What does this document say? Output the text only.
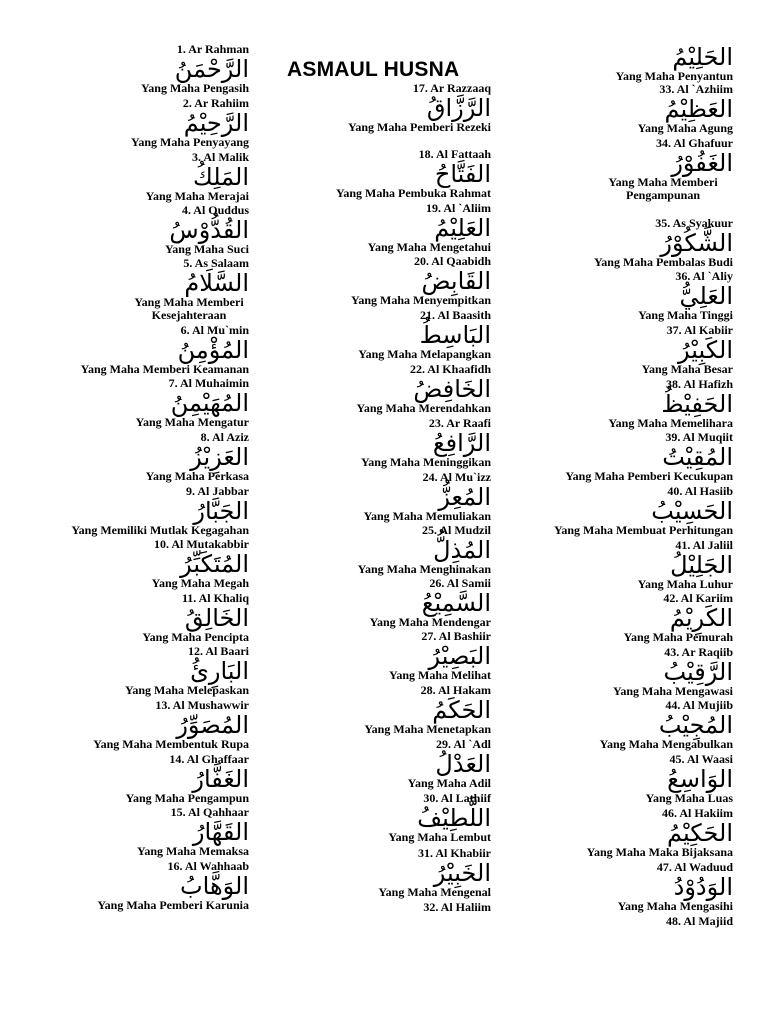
ASMAUL HUSNA
1. Ar Rahman
الرَّحْمَنُ
Yang Maha Pengasih
2. Ar Rahiim
الرَّحِيْمُ
Yang Maha Penyayang
3. Al Malik
المَلِكُ
Yang Maha Merajai
4. Al Quddus
القُدُّوْسُ
Yang Maha Suci
5. As Salaam
السَّلَامُ
Yang Maha Memberi Kesejahteraan
6. Al Mu`min
المُؤْمِنُ
Yang Maha Memberi Keamanan
7. Al Muhaimin
المُهَيْمِنُ
Yang Maha Mengatur
8. Al Aziz
العَزِيْزُ
Yang Maha Perkasa
9. Al Jabbar
الجَبَّارُ
Yang Memiliki Mutlak Kegagahan
10. Al Mutakabbir
المُتَكَبِّرُ
Yang Maha Megah
11. Al Khaliq
الخَالِقُ
Yang Maha Pencipta
12. Al Baari
البَارِئُ
Yang Maha Melepaskan
13. Al Mushawwir
المُصَوِّرُ
Yang Maha Membentuk Rupa
14. Al Ghaffaar
الغَفَّارُ
Yang Maha Pengampun
15. Al Qahhaar
القَهَّارُ
Yang Maha Memaksa
16. Al Wahhaab
الوَهَّابُ
Yang Maha Pemberi Karunia
17. Ar Razzaaq
الرَّزَّاقُ
Yang Maha Pemberi Rezeki
18. Al Fattaah
الفَتَّاحُ
Yang Maha Pembuka Rahmat
19. Al `Aliim
العَلِيْمُ
Yang Maha Mengetahui
20. Al Qaabidh
القَابِضُ
Yang Maha Menyempitkan
21. Al Baasith
البَاسِطُ
Yang Maha Melapangkan
22. Al Khaafidh
الخَافِضُ
Yang Maha Merendahkan
23. Ar Raafi
الرَّافِعُ
Yang Maha Meninggikan
24. Al Mu`izz
المُعِزُّ
Yang Maha Memuliakan
25. Al Mudzil
المُذِلُّ
Yang Maha Menghinakan
26. Al Samii
السَّمِيْعُ
Yang Maha Mendengar
27. Al Bashiir
البَصِيْرُ
Yang Maha Melihat
28. Al Hakam
الحَكَمُ
Yang Maha Menetapkan
29. Al `Adl
العَدْلُ
Yang Maha Adil
30. Al Lathiif
اللَّطِيْفُ
Yang Maha Lembut
31. Al Khabiir
الخَبِيْرُ
Yang Maha Mengenal
32. Al Haliim
الحَلِيْمُ
Yang Maha Penyantun
33. Al `Azhiim
العَظِيْمُ
Yang Maha Agung
34. Al Ghafuur
الغَفُوْرُ
Yang Maha Memberi Pengampunan
35. As Syakuur
الشَّكُوْرُ
Yang Maha Pembalas Budi
36. Al `Aliy
العَلِيُّ
Yang Maha Tinggi
37. Al Kabiir
الكَبِيْرُ
Yang Maha Besar
38. Al Hafizh
الحَفِيْظُ
Yang Maha Memelihara
39. Al Muqiit
المُقِيْتُ
Yang Maha Pemberi Kecukupan
40. Al Hasiib
الحَسِيْبُ
Yang Maha Membuat Perhitungan
41. Al Jaliil
الجَلِيْلُ
Yang Maha Luhur
42. Al Kariim
الكَرِيْمُ
Yang Maha Pemurah
43. Ar Raqiib
الرَّقِيْبُ
Yang Maha Mengawasi
44. Al Mujiib
المُجِيْبُ
Yang Maha Mengabulkan
45. Al Waasi
الوَاسِعُ
Yang Maha Luas
46. Al Hakiim
الحَكِيْمُ
Yang Maha Maka Bijaksana
47. Al Waduud
الوَدُوْدُ
Yang Maha Mengasihi
48. Al Majiid
